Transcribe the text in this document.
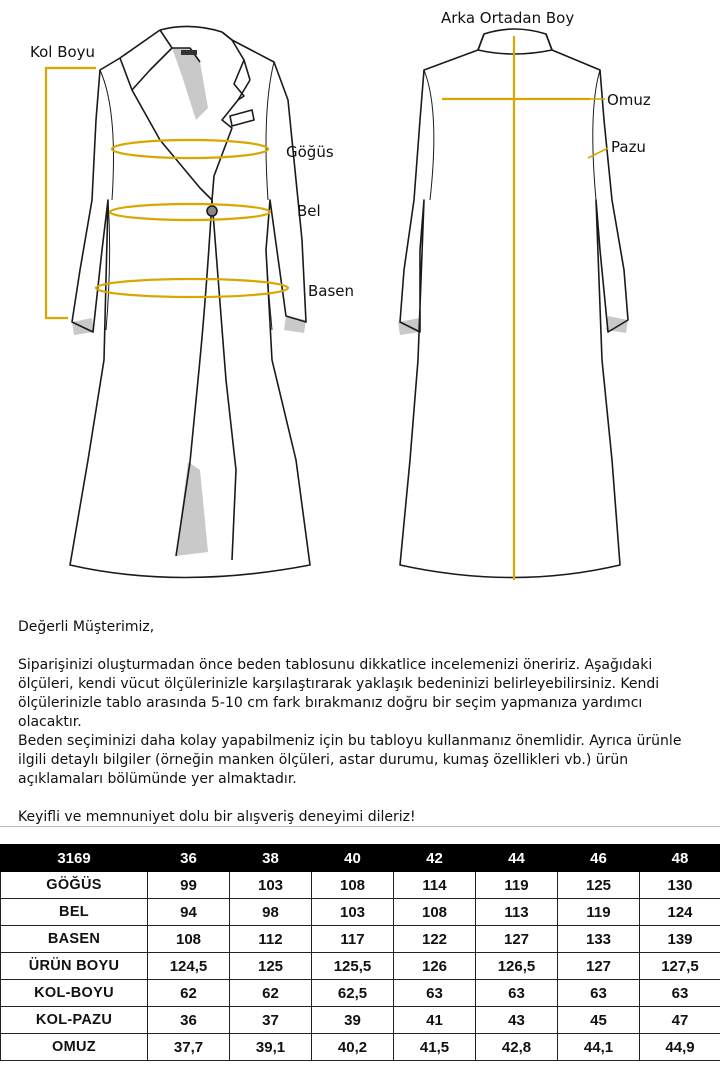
Kol Boyu
Göğüs
Bel
Basen
Arka Ortadan Boy
Omuz
Pazu

Değerli Müşterimiz,

Siparişinizi oluşturmadan önce beden tablosunu dikkatlice incelemenizi öneririz. Aşağıdaki ölçüleri, kendi vücut ölçülerinizle karşılaştırarak yaklaşık bedeninizi belirleyebilirsiniz. Kendi ölçülerinizle tablo arasında 5-10 cm fark bırakmanız doğru bir seçim yapmanıza yardımcı olacaktır.

Beden seçiminizi daha kolay yapabilmeniz için bu tabloyu kullanmanız önemlidir. Ayrıca ürünle ilgili detaylı bilgiler (örneğin manken ölçüleri, astar durumu, kumaş özellikleri vb.) ürün açıklamaları bölümünde yer almaktadır.

Keyifli ve memnuniyet dolu bir alışveriş deneyimi dileriz!

3169	36	38	40	42	44	46	48
GÖĞÜS	99	103	108	114	119	125	130
BEL	94	98	103	108	113	119	124
BASEN	108	112	117	122	127	133	139
ÜRÜN BOYU	124,5	125	125,5	126	126,5	127	127,5
KOL-BOYU	62	62	62,5	63	63	63	63
KOL-PAZU	36	37	39	41	43	45	47
OMUZ	37,7	39,1	40,2	41,5	42,8	44,1	44,9
